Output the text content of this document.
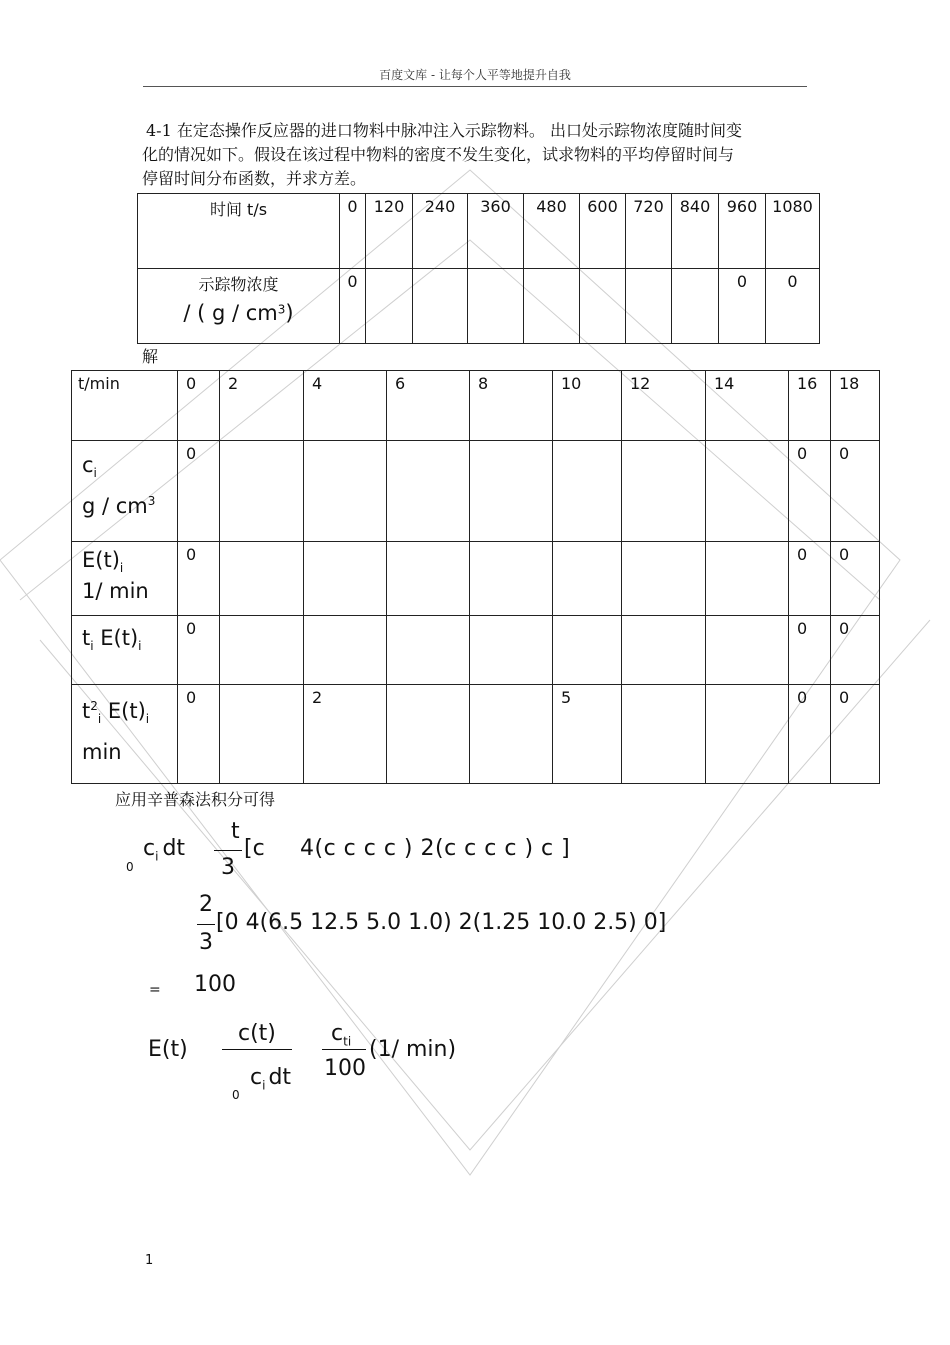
百度文库 - 让每个人平等地提升自我
4-1 在定态操作反应器的进口物料中脉冲注入示踪物料。 出口处示踪物浓度随时间变
化的情况如下。假设在该过程中物料的密度不发生变化，试求物料的平均停留时间与
停留时间分布函数，并求方差。
时间 t/s	0	120	240	360	480	600	720	840	960	1080

示踪物浓度
/ ( g / $cm^3$)	0								0	0
解
t/min	0	2	4	6	8	10	12	14	16	18

$c_i$
g / $cm^3$	0								0	0

$E(t)_i$
1/ min	0								0	0

$t_i$ $E(t)_i$	0								0	0

$t^2_i$ $E(t)_i$
min	0		2			5			0	0
应用辛普森法积分可得
0
$c_i$ dt
t
3
[c 4(c c c c ) 2(c c c c ) c ]
2
3
[0 4(6.5 12.5 5.0 1.0) 2(1.25 10.0 2.5) 0]
= 100
E(t)
c(t)
0
$c_i$ dt
$c_{ti}$
100
(1/ min)
1
